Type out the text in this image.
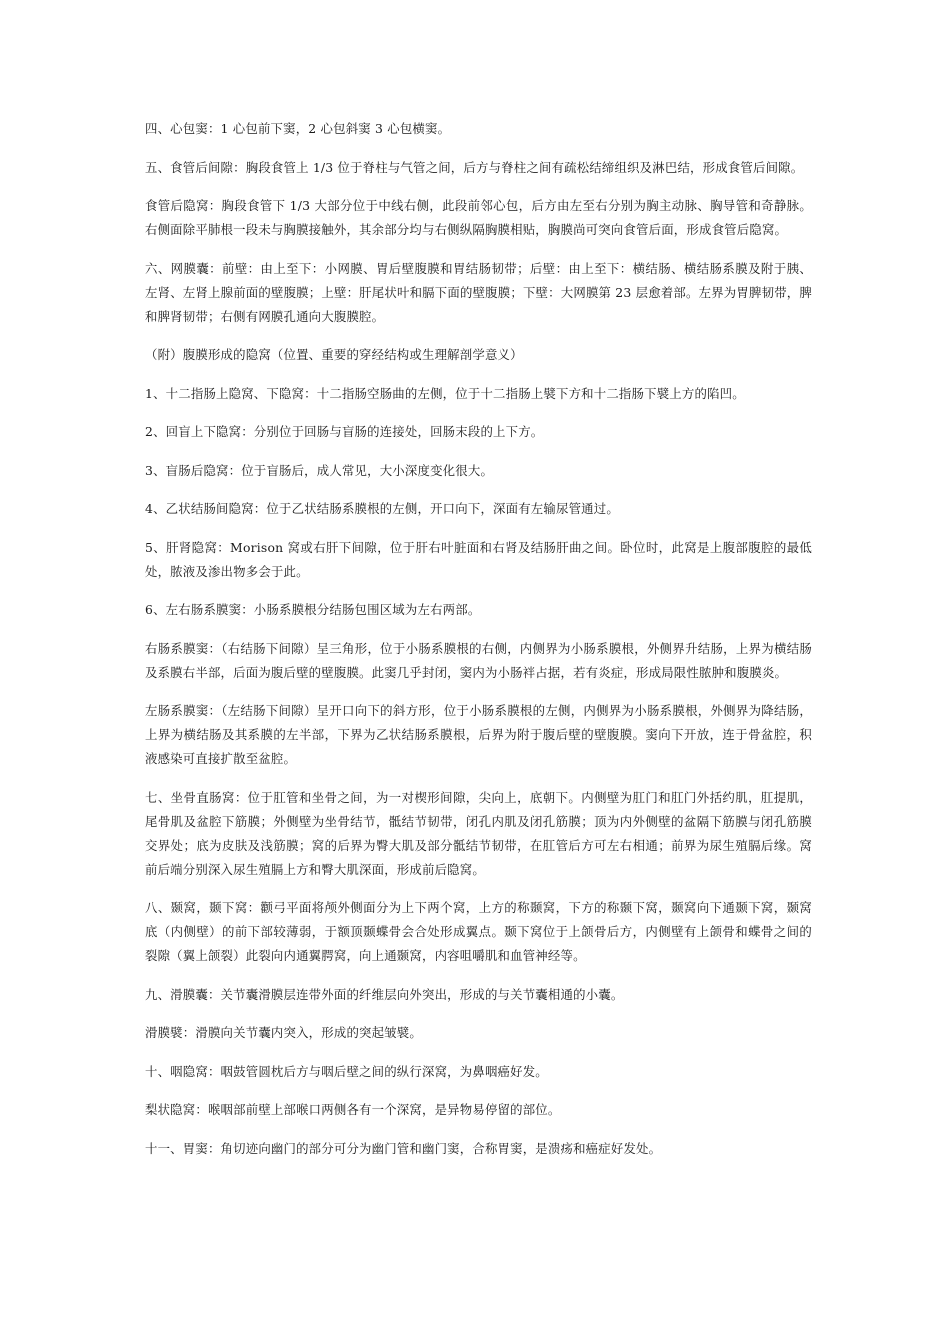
四、心包窦：1 心包前下窦，2 心包斜窦 3 心包横窦。

五、食管后间隙：胸段食管上 1/3 位于脊柱与气管之间，后方与脊柱之间有疏松结缔组织及淋巴结，形成食管后间隙。

食管后隐窝：胸段食管下 1/3 大部分位于中线右侧，此段前邻心包，后方由左至右分别为胸主动脉、胸导管和奇静脉。右侧面除平肺根一段未与胸膜接触外，其余部分均与右侧纵隔胸膜相贴，胸膜尚可突向食管后面，形成食管后隐窝。

六、网膜囊：前壁：由上至下：小网膜、胃后壁腹膜和胃结肠韧带；后壁：由上至下：横结肠、横结肠系膜及附于胰、左肾、左肾上腺前面的壁腹膜；上壁：肝尾状叶和膈下面的壁腹膜；下壁：大网膜第 23 层愈着部。左界为胃脾韧带，脾和脾肾韧带；右侧有网膜孔通向大腹膜腔。

（附）腹膜形成的隐窝（位置、重要的穿经结构或生理解剖学意义）

1、十二指肠上隐窝、下隐窝：十二指肠空肠曲的左侧，位于十二指肠上襞下方和十二指肠下襞上方的陷凹。

2、回盲上下隐窝：分别位于回肠与盲肠的连接处，回肠末段的上下方。

3、盲肠后隐窝：位于盲肠后，成人常见，大小深度变化很大。

4、乙状结肠间隐窝：位于乙状结肠系膜根的左侧，开口向下，深面有左输尿管通过。

5、肝肾隐窝：Morison 窝或右肝下间隙，位于肝右叶脏面和右肾及结肠肝曲之间。卧位时，此窝是上腹部腹腔的最低处，脓液及渗出物多会于此。

6、左右肠系膜窦：小肠系膜根分结肠包围区域为左右两部。

右肠系膜窦：（右结肠下间隙）呈三角形，位于小肠系膜根的右侧，内侧界为小肠系膜根，外侧界升结肠，上界为横结肠及系膜右半部，后面为腹后壁的壁腹膜。此窦几乎封闭，窦内为小肠袢占据，若有炎症，形成局限性脓肿和腹膜炎。

左肠系膜窦：（左结肠下间隙）呈开口向下的斜方形，位于小肠系膜根的左侧，内侧界为小肠系膜根，外侧界为降结肠，上界为横结肠及其系膜的左半部，下界为乙状结肠系膜根，后界为附于腹后壁的壁腹膜。窦向下开放，连于骨盆腔，积液感染可直接扩散至盆腔。

七、坐骨直肠窝：位于肛管和坐骨之间，为一对楔形间隙，尖向上，底朝下。内侧壁为肛门和肛门外括约肌，肛提肌，尾骨肌及盆腔下筋膜；外侧壁为坐骨结节，骶结节韧带，闭孔内肌及闭孔筋膜；顶为内外侧壁的盆隔下筋膜与闭孔筋膜交界处；底为皮肤及浅筋膜；窝的后界为臀大肌及部分骶结节韧带，在肛管后方可左右相通；前界为尿生殖膈后缘。窝前后端分别深入尿生殖膈上方和臀大肌深面，形成前后隐窝。

八、颞窝，颞下窝：颧弓平面将颅外侧面分为上下两个窝，上方的称颞窝，下方的称颞下窝，颞窝向下通颞下窝，颞窝底（内侧壁）的前下部较薄弱，于额顶颞蝶骨会合处形成翼点。颞下窝位于上颌骨后方，内侧壁有上颌骨和蝶骨之间的裂隙（翼上颌裂）此裂向内通翼腭窝，向上通颞窝，内容咀嚼肌和血管神经等。

九、滑膜囊：关节囊滑膜层连带外面的纤维层向外突出，形成的与关节囊相通的小囊。

滑膜襞：滑膜向关节囊内突入，形成的突起皱襞。

十、咽隐窝：咽鼓管圆枕后方与咽后壁之间的纵行深窝，为鼻咽癌好发。

梨状隐窝：喉咽部前壁上部喉口两侧各有一个深窝，是异物易停留的部位。

十一、胃窦：角切迹向幽门的部分可分为幽门管和幽门窦，合称胃窦，是溃疡和癌症好发处。
